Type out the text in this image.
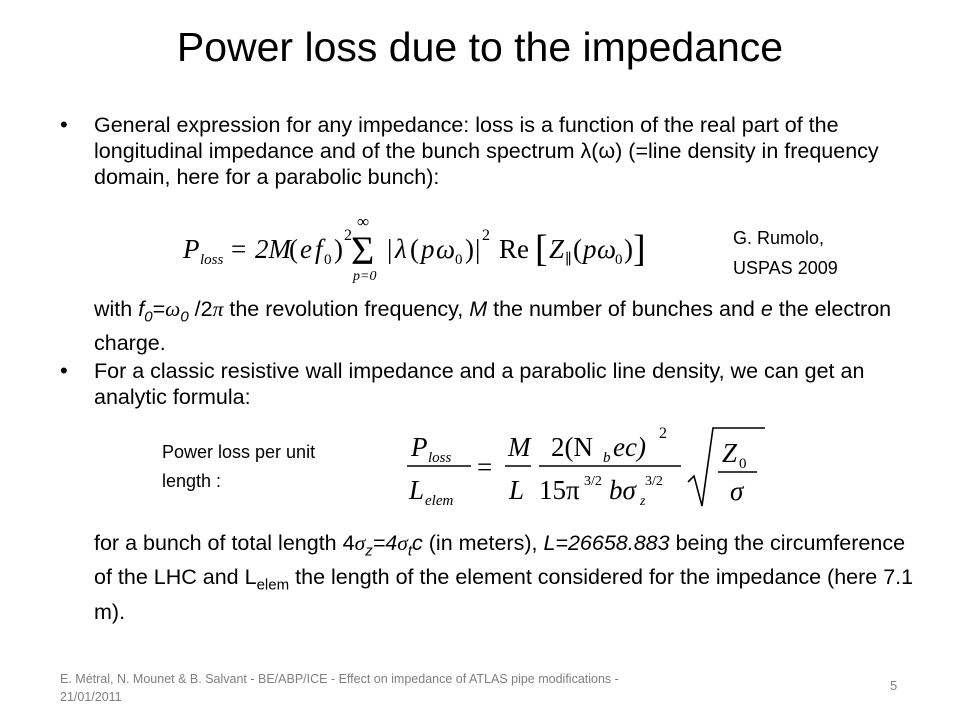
Power loss due to the impedance
• General expression for any impedance: loss is a function of the real part of the longitudinal impedance and of the bunch spectrum λ(ω) (=line density in frequency domain, here for a parabolic bunch):

P loss = 2M
( e f 0 ) 2
∞
Σ
p=0
| λ ( p ω 0 ) | 2 Re [ Z ∥ ( p ω
0 ) ]	G. Rumolo,
USPAS 2009

with $f_0=\omega_0$ /2π the revolution frequency, M the number of bunches and e the electron charge.

• For a classic resistive wall impedance and a parabolic line density, we can get an analytic formula:

Power loss per unit
length :
P loss
L elem
=
M
L
2(N b ec) 2
15π 3/2 bσ z
3/2
Z 0
σ

for a bunch of total length $4\sigma_z=4\sigma_tc$ (in meters), L=26658.883 being the circumference of the LHC and $L_{elem}$ the length of the element considered for the impedance (here 7.1 m).

E. Métral, N. Mounet & B. Salvant - BE/ABP/ICE - Effect on impedance of ATLAS pipe modifications - 21/01/2011
5
